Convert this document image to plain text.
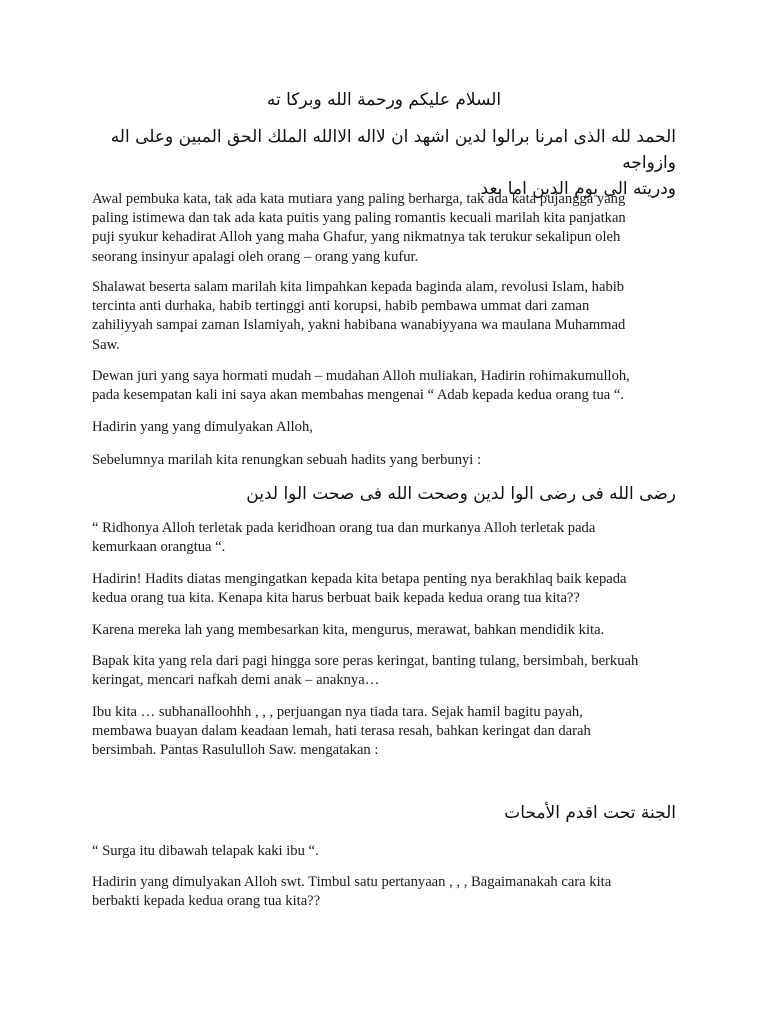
السلام عليكم ورحمة الله وبركا ته
الحمد لله الذى امرنا برالوا لدين اشهد ان لااله الاالله الملك الحق المبين وعلى اله وازواجه
ودريته الى يوم الدين اما بعد
Awal pembuka kata, tak ada kata mutiara yang paling berharga, tak ada kata pujangga yang
paling istimewa dan tak ada kata puitis yang paling romantis kecuali marilah kita panjatkan
puji syukur kehadirat Alloh yang maha Ghafur, yang nikmatnya tak terukur sekalipun oleh
seorang insinyur apalagi oleh orang – orang yang kufur.
Shalawat beserta salam marilah kita limpahkan kepada baginda alam, revolusi Islam, habib
tercinta anti durhaka, habib tertinggi anti korupsi, habib pembawa ummat dari zaman
zahiliyyah sampai zaman Islamiyah, yakni habibana wanabiyyana wa maulana Muhammad
Saw.
Dewan juri yang saya hormati mudah – mudahan Alloh muliakan, Hadirin rohimakumulloh,
pada kesempatan kali ini saya akan membahas mengenai “ Adab kepada kedua orang tua “.
Hadirin yang yang dimulyakan Alloh,
Sebelumnya marilah kita renungkan sebuah hadits yang berbunyi :
رضى الله فى رضى الوا لدين وصحت الله فى صحت الوا لدين
“ Ridhonya Alloh terletak pada keridhoan orang tua dan murkanya Alloh terletak pada
kemurkaan orangtua “.
Hadirin! Hadits diatas mengingatkan kepada kita betapa penting nya berakhlaq baik kepada
kedua orang tua kita. Kenapa kita harus berbuat baik kepada kedua orang tua kita??
Karena mereka lah yang membesarkan kita, mengurus, merawat, bahkan mendidik kita.
Bapak kita yang rela dari pagi hingga sore peras keringat, banting tulang, bersimbah, berkuah
keringat, mencari nafkah demi anak – anaknya…
Ibu kita … subhanalloohhh , , , perjuangan nya tiada tara. Sejak hamil bagitu payah,
membawa buayan dalam keadaan lemah, hati terasa resah, bahkan keringat dan darah
bersimbah. Pantas Rasululloh Saw. mengatakan :
الجنة تحت اقدم الأمحات
“ Surga itu dibawah telapak kaki ibu “.
Hadirin yang dimulyakan Alloh swt. Timbul satu pertanyaan , , , Bagaimanakah cara kita
berbakti kepada kedua orang tua kita??
